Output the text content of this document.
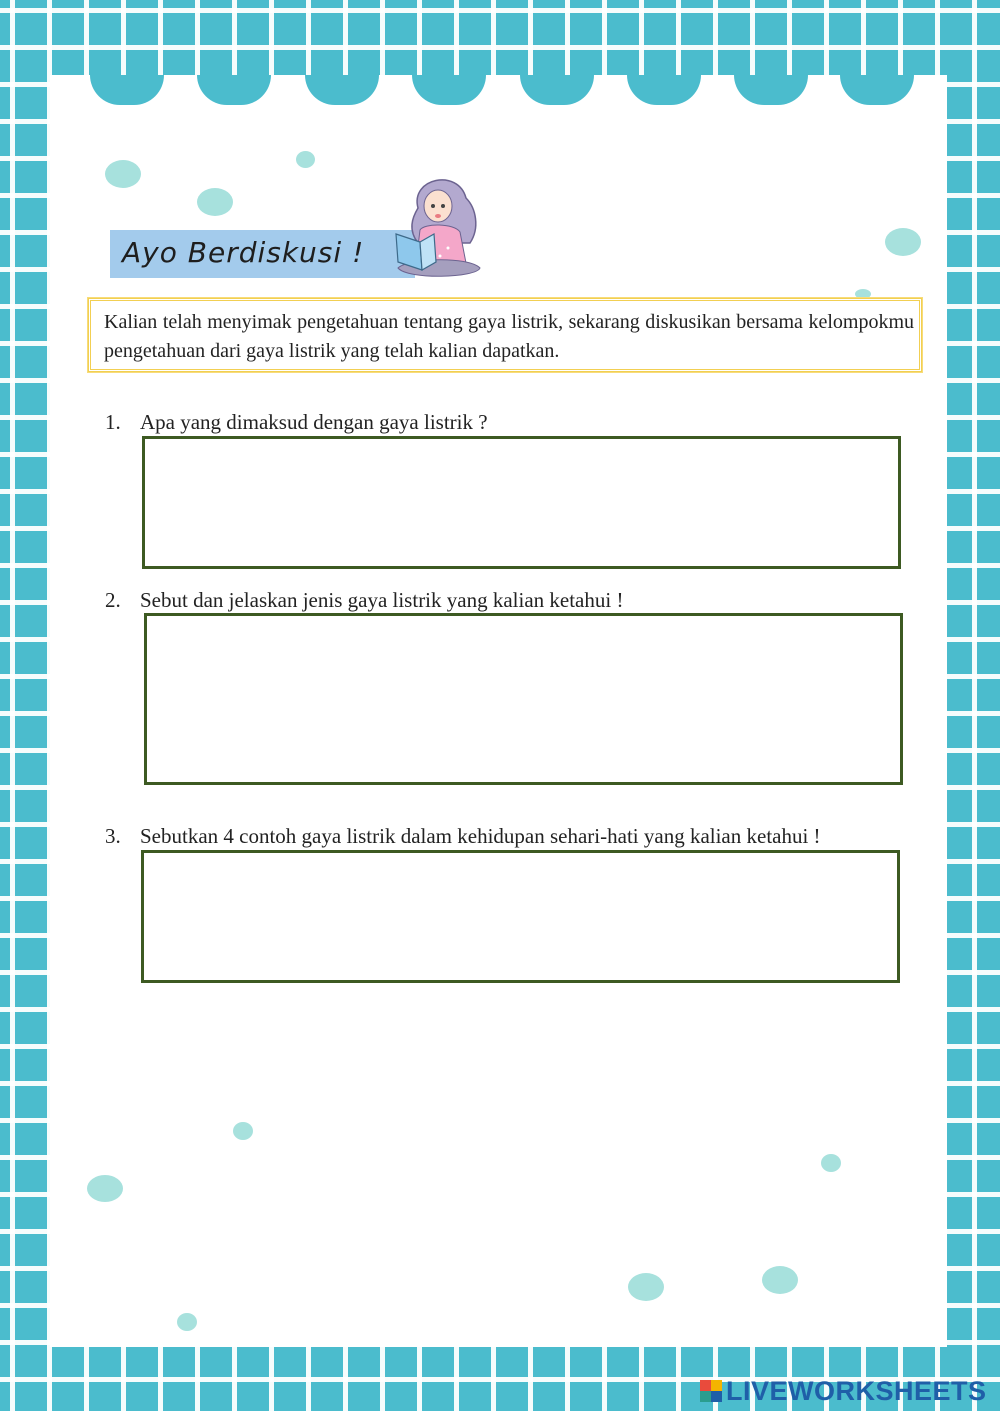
Ayo Berdiskusi !
Kalian telah menyimak pengetahuan tentang gaya listrik, sekarang diskusikan bersama kelompokmu pengetahuan dari gaya listrik yang telah kalian dapatkan.
1. Apa yang dimaksud dengan gaya listrik ?
2. Sebut dan jelaskan jenis gaya listrik yang kalian ketahui !
3. Sebutkan 4 contoh gaya listrik dalam kehidupan sehari-hati yang kalian ketahui !
LIVEWORKSHEETS
